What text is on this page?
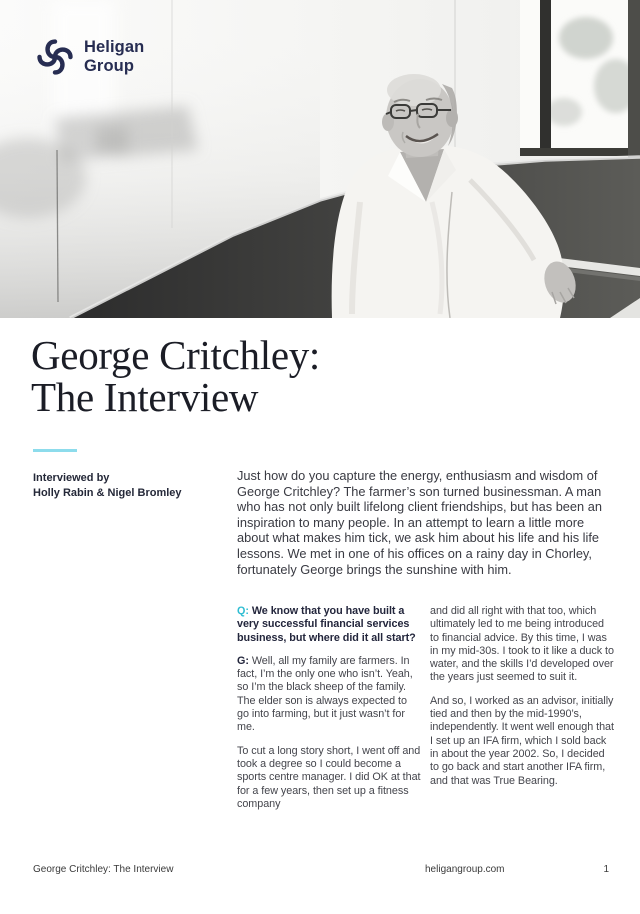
Heligan
Group
George Critchley:
The Interview
Interviewed by
Holly Rabin & Nigel Bromley

Just how do you capture the energy, enthusiasm and wisdom of George Critchley? The farmer’s son turned businessman. A man who has not only built lifelong client friendships, but has been an inspiration to many people. In an attempt to learn a little more about what makes him tick, we ask him about his life and his life lessons. We met in one of his offices on a rainy day in Chorley, fortunately George brings the sunshine with him.

Q: We know that you have built a very successful financial services business, but where did it all start?

G: Well, all my family are farmers. In fact, I’m the only one who isn’t. Yeah, so I’m the black sheep of the family. The elder son is always expected to go into farming, but it just wasn’t for me.

To cut a long story short, I went off and took a degree so I could become a sports centre manager. I did OK at that for a few years, then set up a fitness company

and did all right with that too, which ultimately led to me being introduced to financial advice. By this time, I was in my mid-30s. I took to it like a duck to water, and the skills I’d developed over the years just seemed to suit it.

And so, I worked as an advisor, initially tied and then by the mid-1990’s, independently. It went well enough that I set up an IFA firm, which I sold back in about the year 2002. So, I decided to go back and start another IFA firm, and that was True Bearing.

George Critchley: The Interview	heligangroup.com	1
